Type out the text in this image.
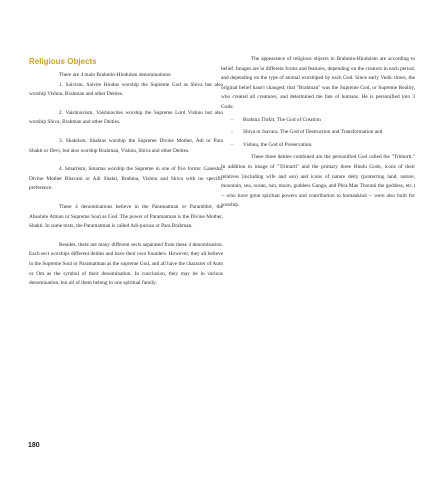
Religious Objects

There are 4 main Brahmin-Hinduism denominations:

1. Saivism, Saivite Hindus worship the Supreme God as Shiva but also worship Vishnu, Brahman and other Deities.

2. Vaishnavism, Vaishnavites worship the Supreme Lord Vishnu but also worship Shiva, Brahman and other Deities.

3. Shaktism, Shaktas worship the Supreme Divine Mother, Adi or Para Shakti or Devi, but also worship Brahman, Vishnu, Shiva and other Deities.

4. Smartism, Smartas worship the Supreme in one of five forms: Ganesha, Divine Mother Bhavani or Adi Shakti, Brahma, Vishnu and Shiva with no specific preference.

These 4 denominations believe in the Paramatman or Parambhrt, the Absolute Atman or Supreme Soul as God. The power of Paramatman is the Divine Mother, Shakti. In some texts, the Paramatman is called Adi-purusa or Para Brahman.

Besides, there are many different sects separated from these 4 denomination. Each sect worships different deities and have their own founders. However, they all believe in the Supreme Soul or Paramatman as the supreme God, and all have the character of Aum or Om as the symbol of their denomination. In conclusion, they may be in various denomination, but all of them belong to one spiritual family.

The appearance of religious objects in Brahmin-Hinduism are according to belief. Images are in different forms and features, depending on the creators in each period, and depending on the type of animal worshiped by each God. Since early Vedic times, the original belief hasn't changed; that "Brahman" was the Supreme God, or Supreme Reality, who created all creatures, and determined the fate of humans. He is personified into 3 Gods:

-	Brahma Thrkit, The God of Creation
-	Shiva or Isavara, The God of Destruction and Transformation and
-	Vishnu, the God of Preservation.

These three deities combined are the personified God called the "Trimurti." In addition to image of "Trimurti" and the primary three Hindu Gods, icons of their relatives (including wife and son) and icons of nature deity (protecting land, nature, mountain, sea, ocean, sun, moon, goddess Ganga, and Phra Mae Thorani the goddess, etc.) -- who have great spiritual powers and contribution to humankind -- were also built for worship.

180
